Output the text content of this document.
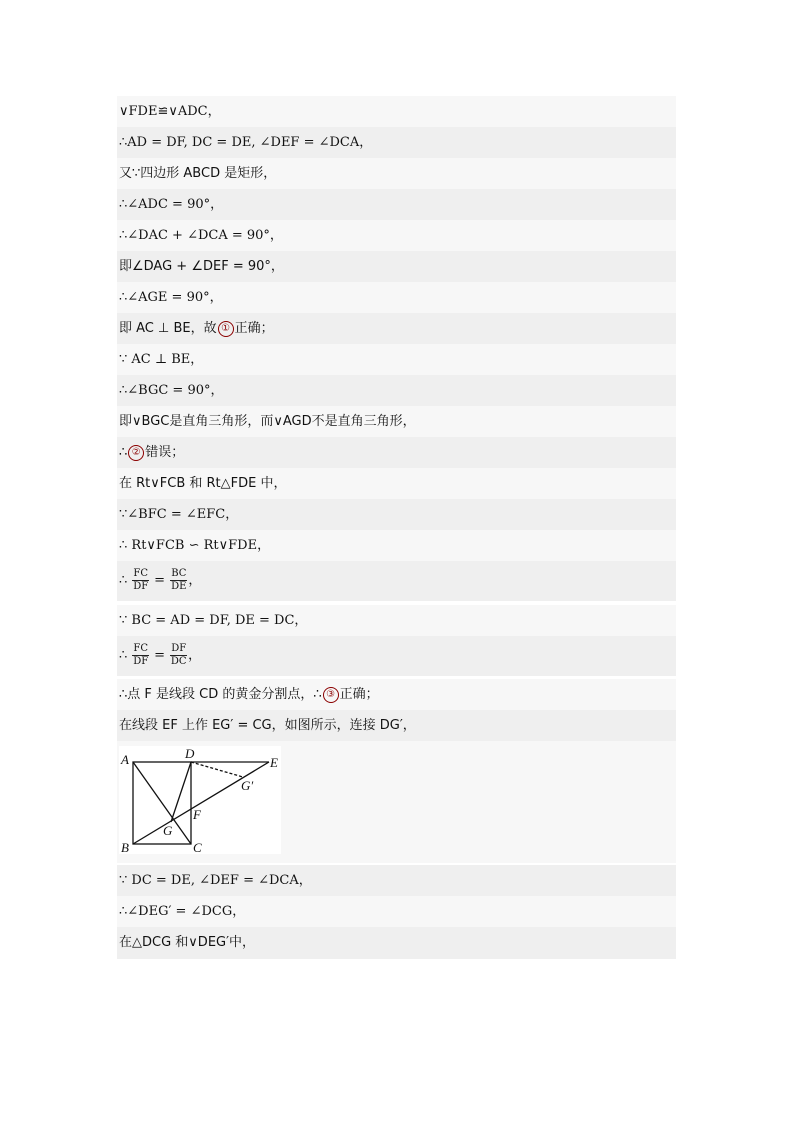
∨FDE≌∨ADC，
∴AD = DF, DC = DE, ∠DEF = ∠DCA，
又∵四边形 ABCD 是矩形，
∴∠ADC = 90°，
∴∠DAC + ∠DCA = 90°，
即∠DAG + ∠DEF = 90°，
∴∠AGE = 90°，
即 AC ⊥ BE，故 ① 正确；
∵ AC ⊥ BE，
∴∠BGC = 90°，
即∨BGC是直角三角形，而∨AGD不是直角三角形，
∴ ② 错误；
在 Rt∨FCB 和 Rt△FDE 中，
∵∠BFC = ∠EFC，
∴ Rt∨FCB ∽ Rt∨FDE，
∴ $\frac{FC}{DF} = \frac{BC}{DE}$ ，
∵ BC = AD = DF, DE = DC，
∴ $\frac{FC}{DF} = \frac{DF}{DC}$ ，
∴点 F 是线段 CD 的黄金分割点，∴ ③ 正确；
在线段 EF 上作 EG′ = CG，如图所示，连接 DG′，
A	D
E
G′
F
G
B	C
∵ DC = DE, ∠DEF = ∠DCA，
∴∠DEG′ = ∠DCG，
在△DCG 和∨DEG′中，
